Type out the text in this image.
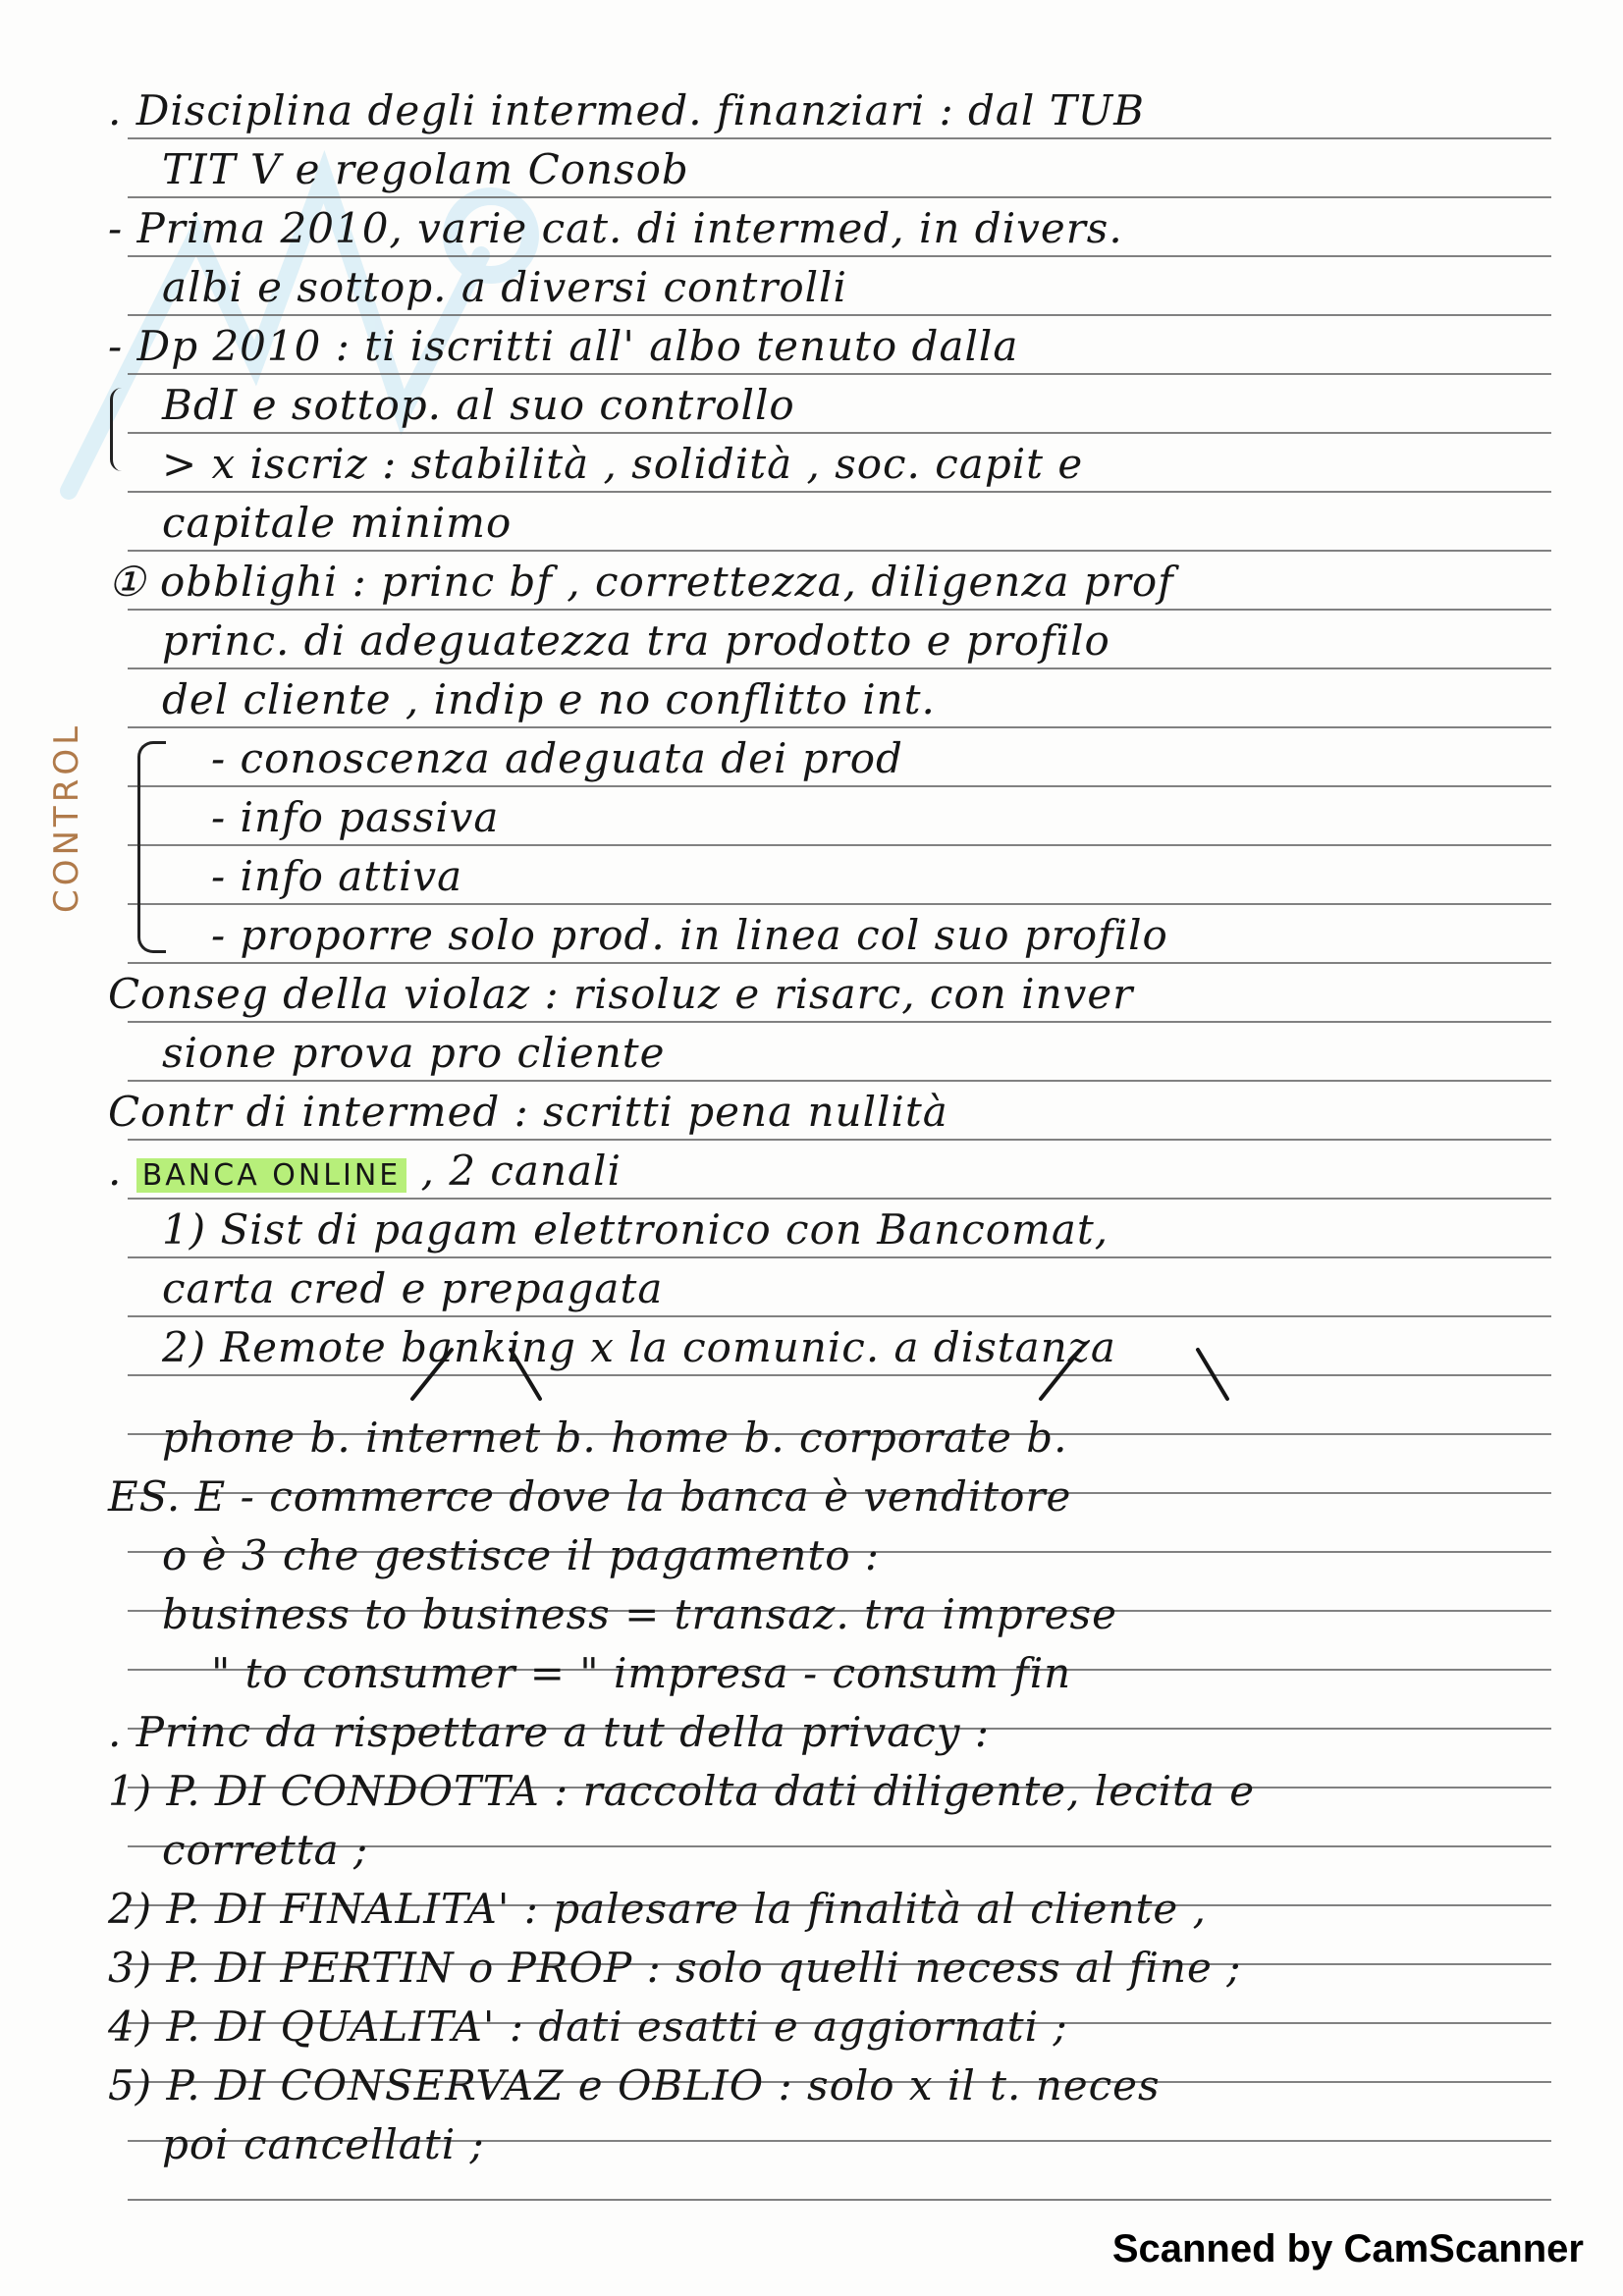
CONTROL
. Disciplina degli intermed. finanziari : dal TUB
TIT V e regolam Consob
- Prima 2010, varie cat. di intermed, in divers.
albi e sottop. a diversi controlli
- Dp 2010 : ti iscritti all' albo tenuto dalla
BdI e sottop. al suo controllo
> x iscriz : stabilità , solidità , soc. capit e
capitale minimo
① obblighi : princ bf , correttezza, diligenza prof
princ. di adeguatezza tra prodotto e profilo
del cliente , indip e no conflitto int.
- conoscenza adeguata dei prod
- info passiva
- info attiva
- proporre solo prod. in linea col suo profilo
Conseg della violaz : risoluz e risarc, con inver
sione prova pro cliente
Contr di intermed : scritti pena nullità
. BANCA ONLINE , 2 canali
1) Sist di pagam elettronico con Bancomat,
carta cred e prepagata
2) Remote banking x la comunic. a distanza
phone b. internet b. home b. corporate b.
ES. E - commerce dove la banca è venditore
o è 3 che gestisce il pagamento :
business to business = transaz. tra imprese
" to consumer = " impresa - consum fin
. Princ da rispettare a tut della privacy :
1) P. DI CONDOTTA : raccolta dati diligente, lecita e
corretta ;
2) P. DI FINALITA' : palesare la finalità al cliente ,
3) P. DI PERTIN o PROP : solo quelli necess al fine ;
4) P. DI QUALITA' : dati esatti e aggiornati ;
5) P. DI CONSERVAZ e OBLIO : solo x il t. neces
poi cancellati ;
Scanned by CamScanner
